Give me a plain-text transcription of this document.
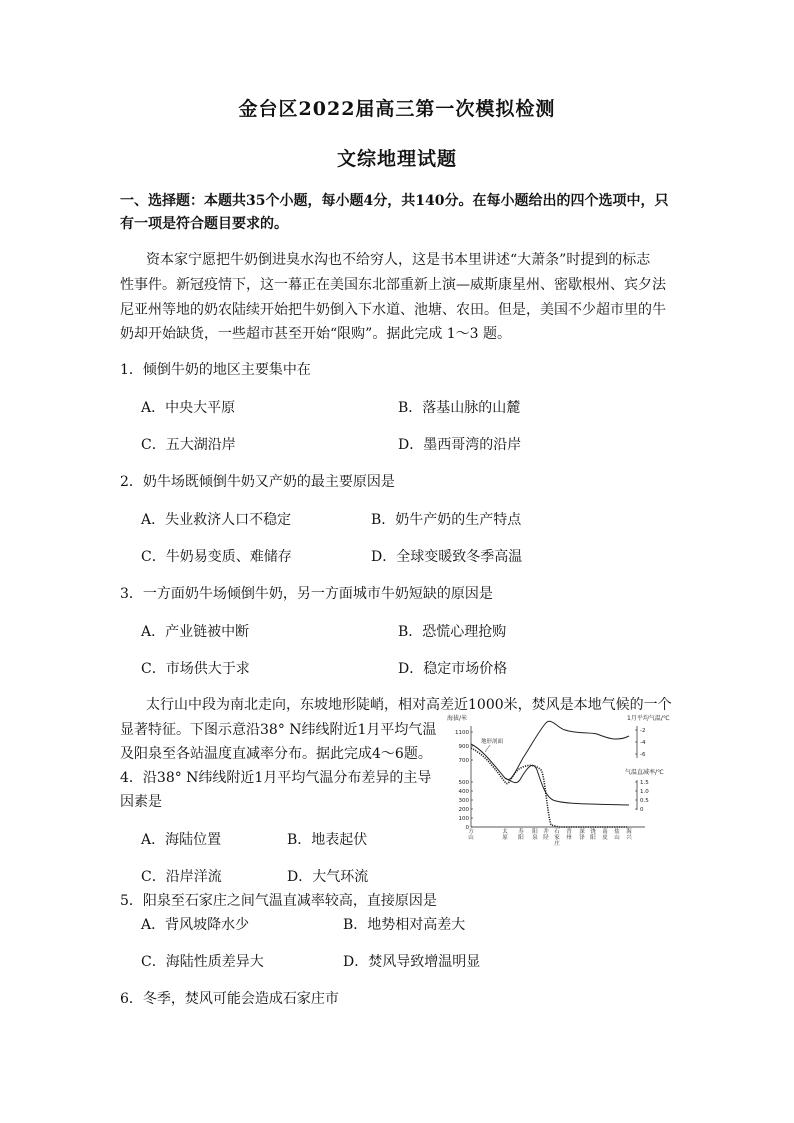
金台区2022届高三第一次模拟检测
文综地理试题
一、选择题：本题共35个小题，每小题4分，共140分。在每小题给出的四个选项中，只
有一项是符合题目要求的。
资本家宁愿把牛奶倒进臭水沟也不给穷人，这是书本里讲述“大萧条”时提到的标志
性事件。新冠疫情下，这一幕正在美国东北部重新上演—威斯康星州、密歇根州、宾夕法
尼亚州等地的奶农陆续开始把牛奶倒入下水道、池塘、农田。但是，美国不少超市里的牛
奶却开始缺货，一些超市甚至开始“限购”。据此完成 1～3 题。
1．倾倒牛奶的地区主要集中在
A．中央大平原	B．落基山脉的山麓
C．五大湖沿岸	D．墨西哥湾的沿岸
2．奶牛场既倾倒牛奶又产奶的最主要原因是
A．失业救济人口不稳定	B．奶牛产奶的生产特点
C．牛奶易变质、难储存	D．全球变暖致冬季高温
3．一方面奶牛场倾倒牛奶，另一方面城市牛奶短缺的原因是
A．产业链被中断	B．恐慌心理抢购
C．市场供大于求	D．稳定市场价格
太行山中段为南北走向，东坡地形陡峭，相对高差近1000米，焚风是本地气候的一个
显著特征。下图示意沿38° N纬线附近1月平均气温
及阳泉至各站温度直减率分布。据此完成4～6题。
4．沿38° N纬线附近1月平均气温分布差异的主导
因素是
A．海陆位置	B．地表起伏
C．沿岸洋流	D．大气环流
5．阳泉至石家庄之间气温直减率较高，直接原因是
A．背风坡降水少	B．地势相对高差大
C．海陆性质差异大	D．焚风导致增温明显
6．冬季，焚风可能会造成石家庄市
海拔/米	1月平均气温/℃
气温直减率/℃
地形剖面
1100
900
700
500
400
300
200
100
0
-2
-4
-6
1.5
1.0
0.5
0
方
山
太
原
寿
阳
阳
泉
井
陉
石
家
庄
晋
州
深
泽
饶
阳
南
皮
盐
山
海
兴
